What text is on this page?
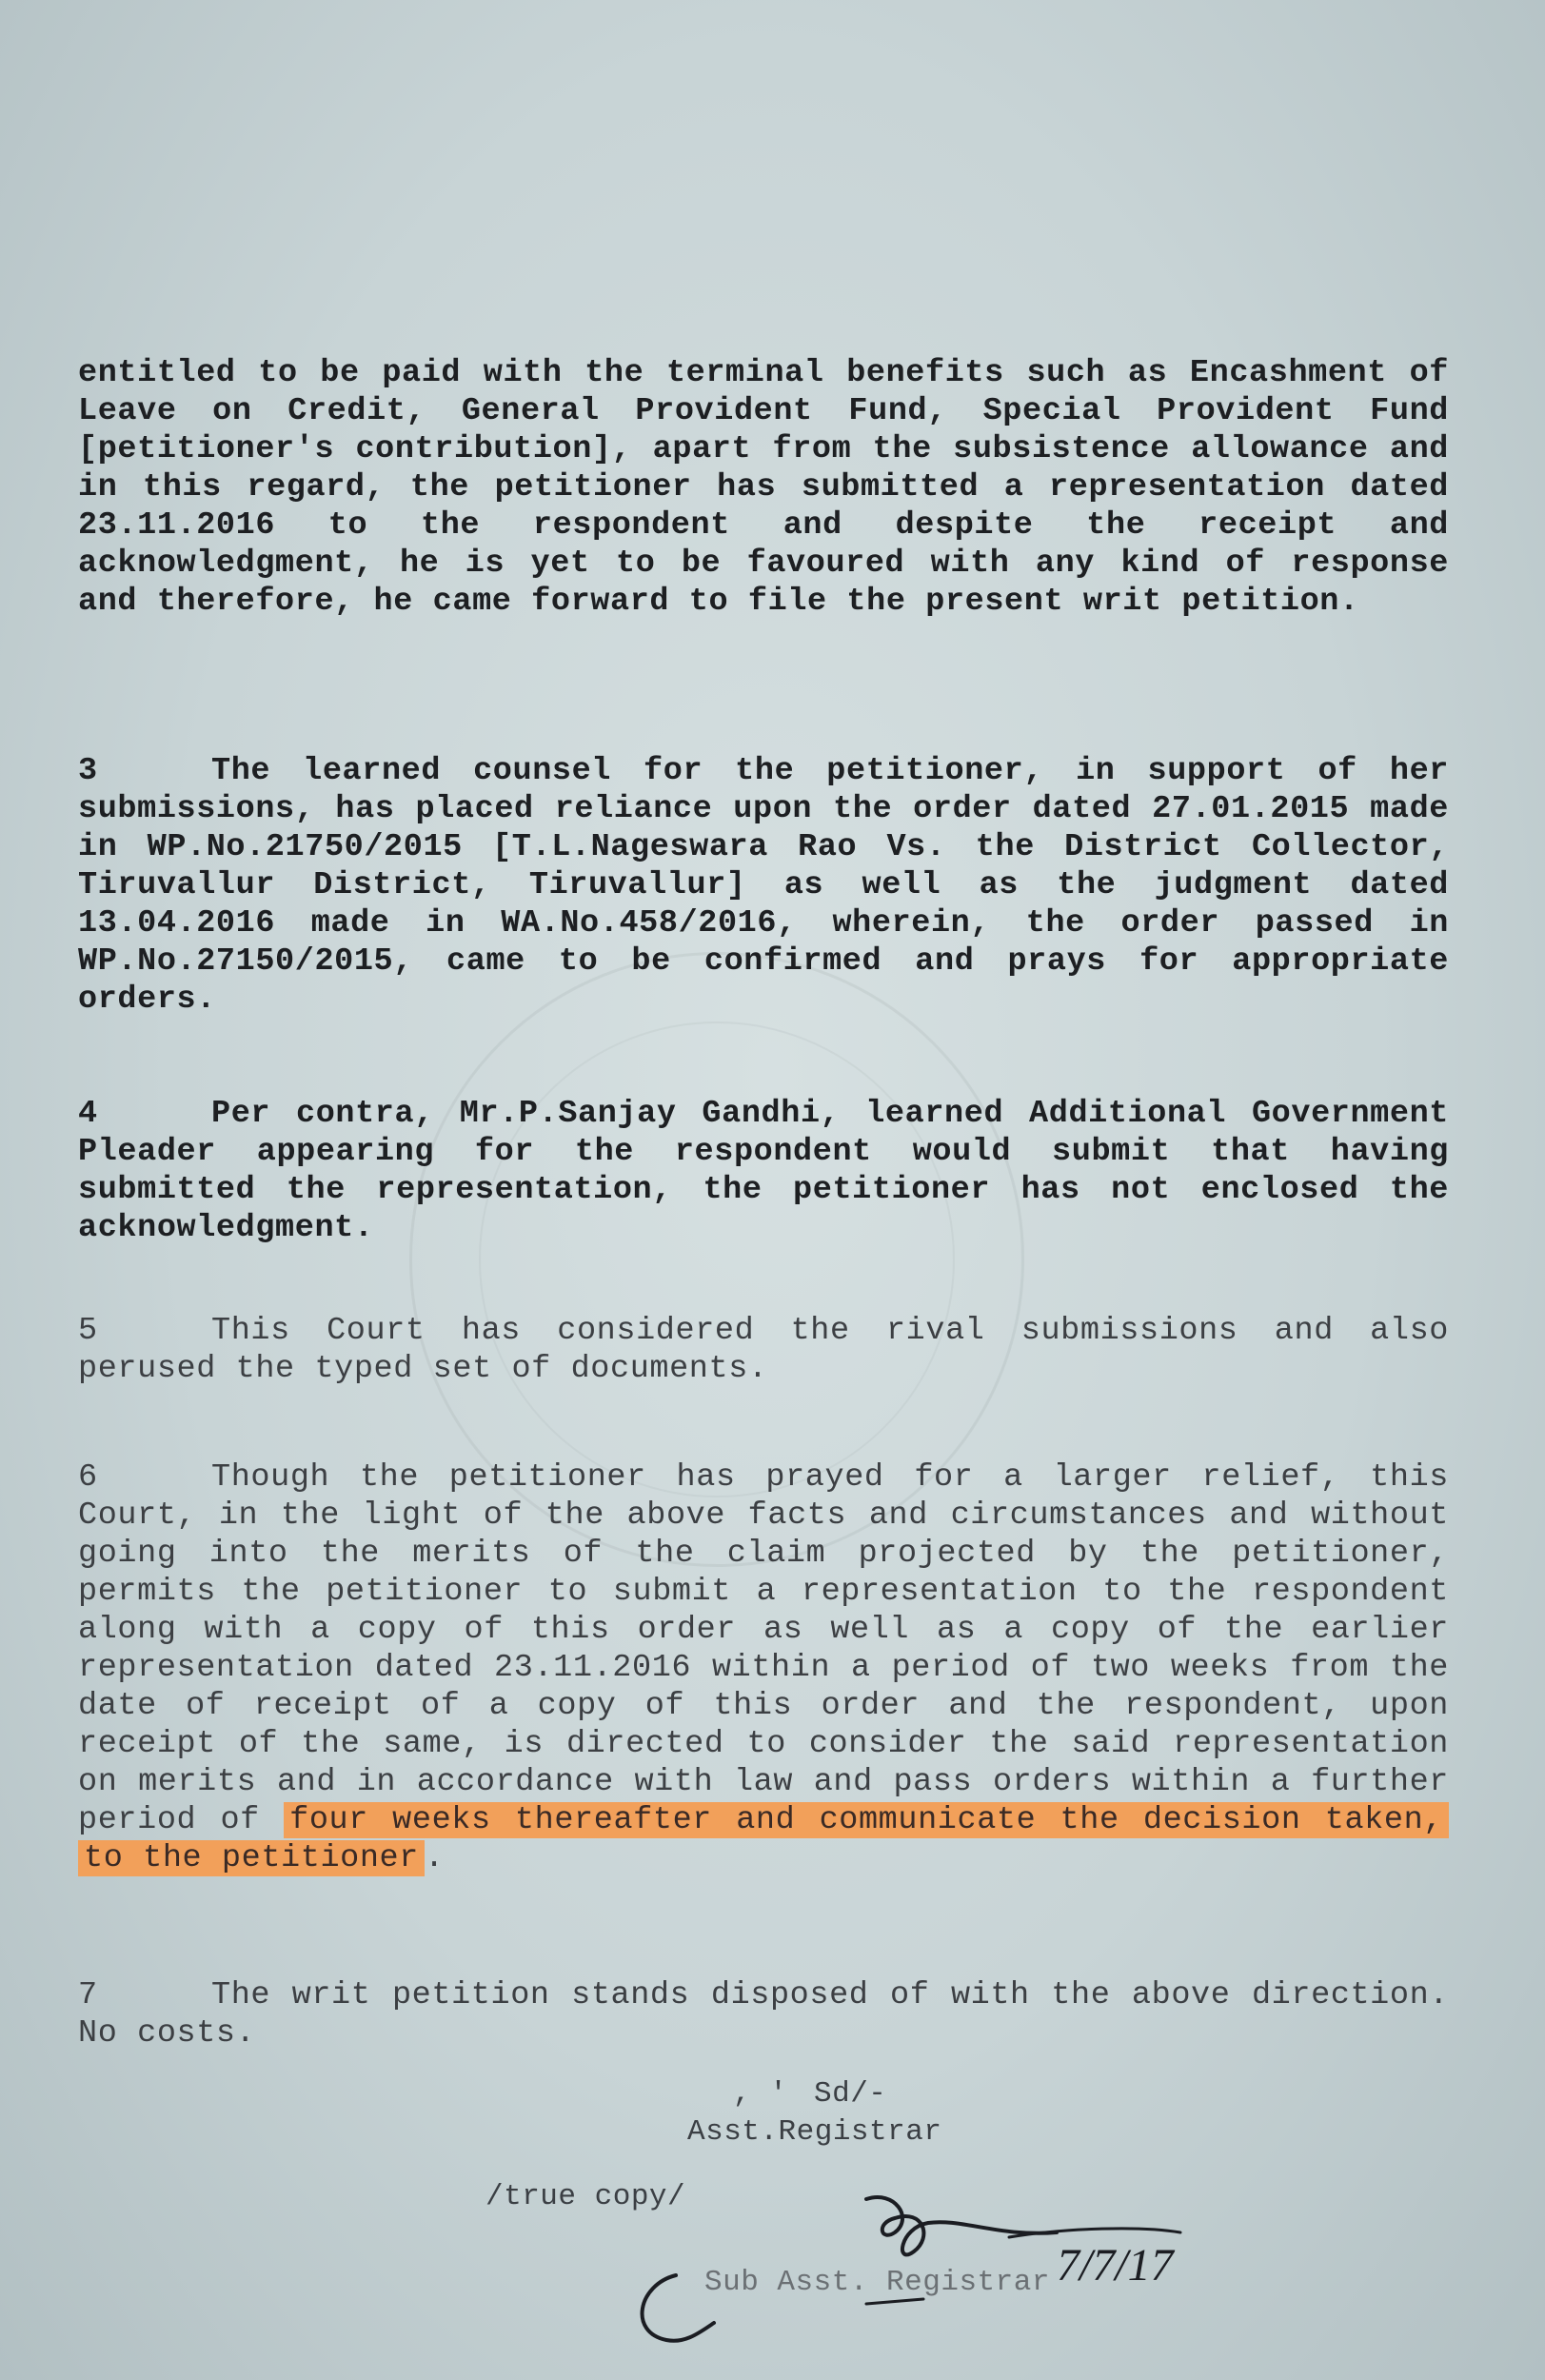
entitled to be paid with the terminal benefits such as Encashment of Leave on Credit, General Provident Fund, Special Provident Fund [petitioner's contribution], apart from the subsistence allowance and in this regard, the petitioner has submitted a representation dated 23.11.2016 to the respondent and despite the receipt and acknowledgment, he is yet to be favoured with any kind of response and therefore, he came forward to file the present writ petition.

3	The learned counsel for the petitioner, in support of her submissions, has placed reliance upon the order dated 27.01.2015 made in WP.No.21750/2015 [T.L.Nageswara Rao Vs. the District Collector, Tiruvallur District, Tiruvallur] as well as the judgment dated 13.04.2016 made in WA.No.458/2016, wherein, the order passed in WP.No.27150/2015, came to be confirmed and prays for appropriate orders.

4	Per contra, Mr.P.Sanjay Gandhi, learned Additional Government Pleader appearing for the respondent would submit that having submitted the representation, the petitioner has not enclosed the acknowledgment.

5	This Court has considered the rival submissions and also perused the typed set of documents.

6	Though the petitioner has prayed for a larger relief, this Court, in the light of the above facts and circumstances and without going into the merits of the claim projected by the petitioner, permits the petitioner to submit a representation to the respondent along with a copy of this order as well as a copy of the earlier representation dated 23.11.2016 within a period of two weeks from the date of receipt of a copy of this order and the respondent, upon receipt of the same, is directed to consider the said representation on merits and in accordance with law and pass orders within a further period of four weeks thereafter and communicate the decision taken, to the petitioner .

7	The writ petition stands disposed of with the above direction. No costs.

, ' Sd/-
Asst.Registrar
/true copy/
Sub Asst. Registrar 7/7/17
